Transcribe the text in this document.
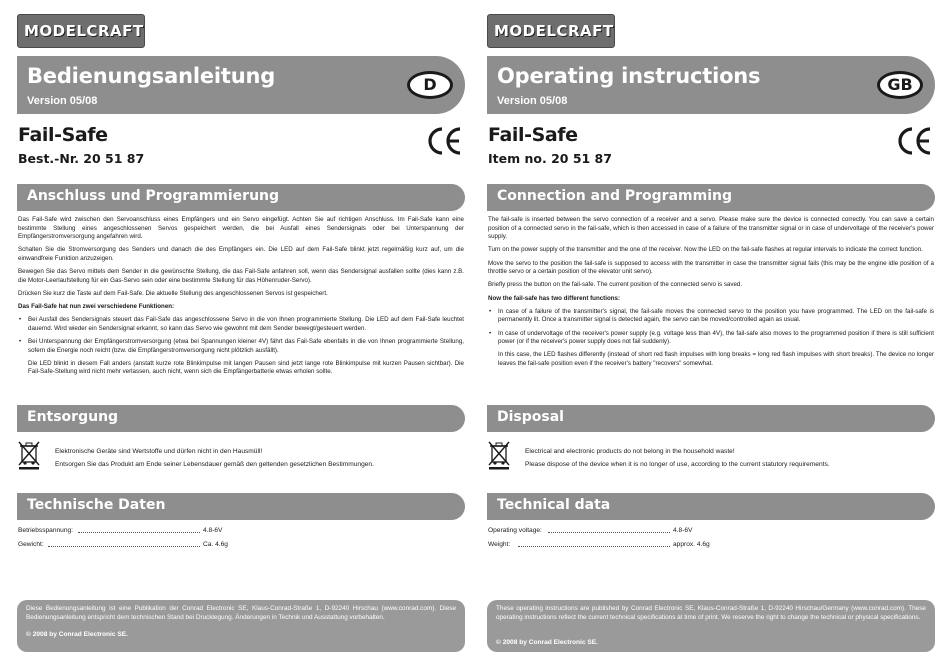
MODELCRAFT
Bedienungsanleitung
Version 05/08
D
Fail-Safe
Best.-Nr. 20 51 87
Anschluss und Programmierung

Das Fail-Safe wird zwischen den Servoanschluss eines Empfängers und ein Servo eingefügt. Achten Sie auf richtigen Anschluss. Im Fail-Safe kann eine bestimmte Stellung eines angeschlossenen Servos gespeichert werden, die bei Ausfall eines Sendersignals oder bei Unterspannung der Empfängerstromversorgung angefahren wird.

Schalten Sie die Stromversorgung des Senders und danach die des Empfängers ein. Die LED auf dem Fail-Safe blinkt jetzt regelmäßig kurz auf, um die einwandfreie Funktion anzuzeigen.

Bewegen Sie das Servo mittels dem Sender in die gewünschte Stellung, die das Fail-Safe anfahren soll, wenn das Sendersignal ausfallen sollte (dies kann z.B. die Motor-Leerlaufstellung für ein Gas-Servo sein oder eine bestimmte Stellung für das Höhenruder-Servo).

Drücken Sie kurz die Taste auf dem Fail-Safe. Die aktuelle Stellung des angeschlossenen Servos ist gespeichert.

Das Fail-Safe hat nun zwei verschiedene Funktionen:

• Bei Ausfall des Sendersignals steuert das Fail-Safe das angeschlossene Servo in die von Ihnen programmierte Stellung. Die LED auf dem Fail-Safe leuchtet dauernd. Wird wieder ein Sendersignal erkannt, so kann das Servo wie gewohnt mit dem Sender bewegt/gesteuert werden.
• Bei Unterspannung der Empfängerstromversorgung (etwa bei Spannungen kleiner 4V) fährt das Fail-Safe ebenfalls in die von Ihnen programmierte Stellung, sofern die Energie noch reicht (bzw. die Empfängerstromversorgung nicht plötzlich ausfällt).

Die LED blinkt in diesem Fall anders (anstatt kurze rote Blinkimpulse mit langen Pausen sind jetzt lange rote Blinkimpulse mit kurzen Pausen sichtbar). Die Fail-Safe-Stellung wird nicht mehr verlassen, auch nicht, wenn sich die Empfängerbatterie etwas erholen sollte.

Entsorgung
Elektronische Geräte sind Wertstoffe und dürfen nicht in den Hausmüll!
Entsorgen Sie das Produkt am Ende seiner Lebensdauer gemäß den geltenden gesetzlichen Bestimmungen.
Technische Daten
Betriebsspannung:	4.8-6V
Gewicht:	Ca. 4.6g
Diese Bedienungsanleitung ist eine Publikation der Conrad Electronic SE, Klaus-Conrad-Straße 1, D-92240 Hirschau (www.conrad.com). Diese Bedienungsanleitung entspricht dem technischen Stand bei Drucklegung. Änderungen in Technik und Ausstattung vorbehalten.
© 2008 by Conrad Electronic SE.
MODELCRAFT
Operating instructions
Version 05/08
GB
Fail-Safe
Item no. 20 51 87
Connection and Programming

The fail-safe is inserted between the servo connection of a receiver and a servo. Please make sure the device is connected correctly. You can save a certain position of a connected servo in the fail-safe, which is then accessed in case of a failure of the transmitter signal or in case of undervoltage of the receiver's power supply.

Turn on the power supply of the transmitter and the one of the receiver. Now the LED on the fail-safe flashes at regular intervals to indicate the correct function.

Move the servo to the position the fail-safe is supposed to access with the transmitter in case the transmitter signal fails (this may be the engine idle position of a throttle servo or a certain position of the elevator unit servo).

Briefly press the button on the fail-safe. The current position of the connected servo is saved.

Now the fail-safe has two different functions:

• In case of a failure of the transmitter's signal, the fail-safe moves the connected servo to the position you have programmed. The LED on the fail-safe is permanently lit. Once a transmitter signal is detected again, the servo can be moved/controlled again as usual.
• In case of undervoltage of the receiver's power supply (e.g. voltage less than 4V), the fail-safe also moves to the programmed position if there is still sufficient power (or if the receiver's power supply does not fail suddenly).

In this case, the LED flashes differently (instead of short red flash impulses with long breaks = long red flash impulses with short breaks). The device no longer leaves the fail-safe position even if the receiver's battery "recovers" somewhat.

Disposal
Electrical and electronic products do not belong in the household waste!
Please dispose of the device when it is no longer of use, according to the current statutory requirements.
Technical data
Operating voltage:	4.8-6V
Weight:	approx. 4.6g
These operating instructions are published by Conrad Electronic SE, Klaus-Conrad-Straße 1, D-92240 Hirschau/Germany (www.conrad.com). These operating instructions reflect the current technical specifications at time of print. We reserve the right to change the technical or physical specifications.
© 2008 by Conrad Electronic SE.
